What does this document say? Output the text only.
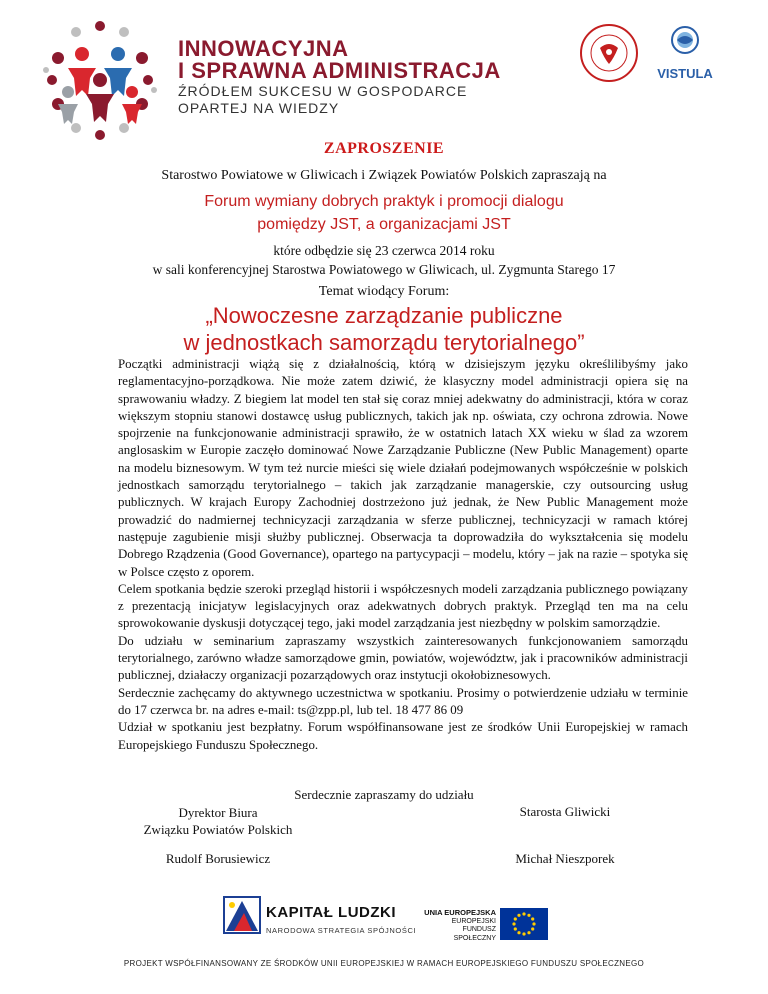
INNOWACYJNA
I SPRAWNA ADMINISTRACJA
ŹRÓDŁEM SUKCESU W GOSPODARCE
OPARTEJ NA WIEDZY
VISTULA
ZAPROSZENIE
Starostwo Powiatowe w Gliwicach i Związek Powiatów Polskich zapraszają na
Forum wymiany dobrych praktyk i promocji dialogu
pomiędzy JST, a organizacjami JST
które odbędzie się 23 czerwca 2014 roku
w sali konferencyjnej Starostwa Powiatowego w Gliwicach, ul. Zygmunta Starego 17
Temat wiodący Forum:
„Nowoczesne zarządzanie publiczne
w jednostkach samorządu terytorialnego”

Początki administracji wiążą się z działalnością, którą w dzisiejszym języku określilibyśmy jako reglamentacyjno-porządkowa. Nie może zatem dziwić, że klasyczny model administracji opiera się na sprawowaniu władzy. Z biegiem lat model ten stał się coraz mniej adekwatny do administracji, która w coraz większym stopniu stanowi dostawcę usług publicznych, takich jak np. oświata, czy ochrona zdrowia. Nowe spojrzenie na funkcjonowanie administracji sprawiło, że w ostatnich latach XX wieku w ślad za wzorem anglosaskim w Europie zaczęło dominować Nowe Zarządzanie Publiczne (New Public Management) oparte na modelu biznesowym. W tym też nurcie mieści się wiele działań podejmowanych współcześnie w polskich jednostkach samorządu terytorialnego – takich jak zarządzanie managerskie, czy outsourcing usług publicznych. W krajach Europy Zachodniej dostrzeżono już jednak, że New Public Management może prowadzić do nadmiernej technicyzacji zarządzania w sferze publicznej, technicyzacji w ramach której następuje zagubienie misji służby publicznej. Obserwacja ta doprowadziła do wykształcenia się modelu Dobrego Rządzenia (Good Governance), opartego na partycypacji – modelu, który – jak na razie – spotyka się w Polsce często z oporem.

Celem spotkania będzie szeroki przegląd historii i współczesnych modeli zarządzania publicznego powiązany z prezentacją inicjatyw legislacyjnych oraz adekwatnych dobrych praktyk. Przegląd ten ma na celu sprowokowanie dyskusji dotyczącej tego, jaki model zarządzania jest niezbędny w polskim samorządzie.

Do udziału w seminarium zapraszamy wszystkich zainteresowanych funkcjonowaniem samorządu terytorialnego, zarówno władze samorządowe gmin, powiatów, województw, jak i pracowników administracji publicznej, działaczy organizacji pozarządowych oraz instytucji okołobiznesowych.

Serdecznie zachęcamy do aktywnego uczestnictwa w spotkaniu. Prosimy o potwierdzenie udziału w terminie do 17 czerwca br. na adres e-mail: ts@zpp.pl, lub tel. 18 477 86 09

Udział w spotkaniu jest bezpłatny. Forum współfinansowane jest ze środków Unii Europejskiej w ramach Europejskiego Funduszu Społecznego.

Serdecznie zapraszamy do udziału
Dyrektor Biura
Związku Powiatów Polskich
Starosta Gliwicki
Rudolf Borusiewicz	Michał Nieszporek
KAPITAŁ LUDZKI
NARODOWA STRATEGIA SPÓJNOŚCI
UNIA EUROPEJSKA
EUROPEJSKI
FUNDUSZ SPOŁECZNY
PROJEKT WSPÓŁFINANSOWANY ZE ŚRODKÓW UNII EUROPEJSKIEJ W RAMACH EUROPEJSKIEGO FUNDUSZU SPOŁECZNEGO
